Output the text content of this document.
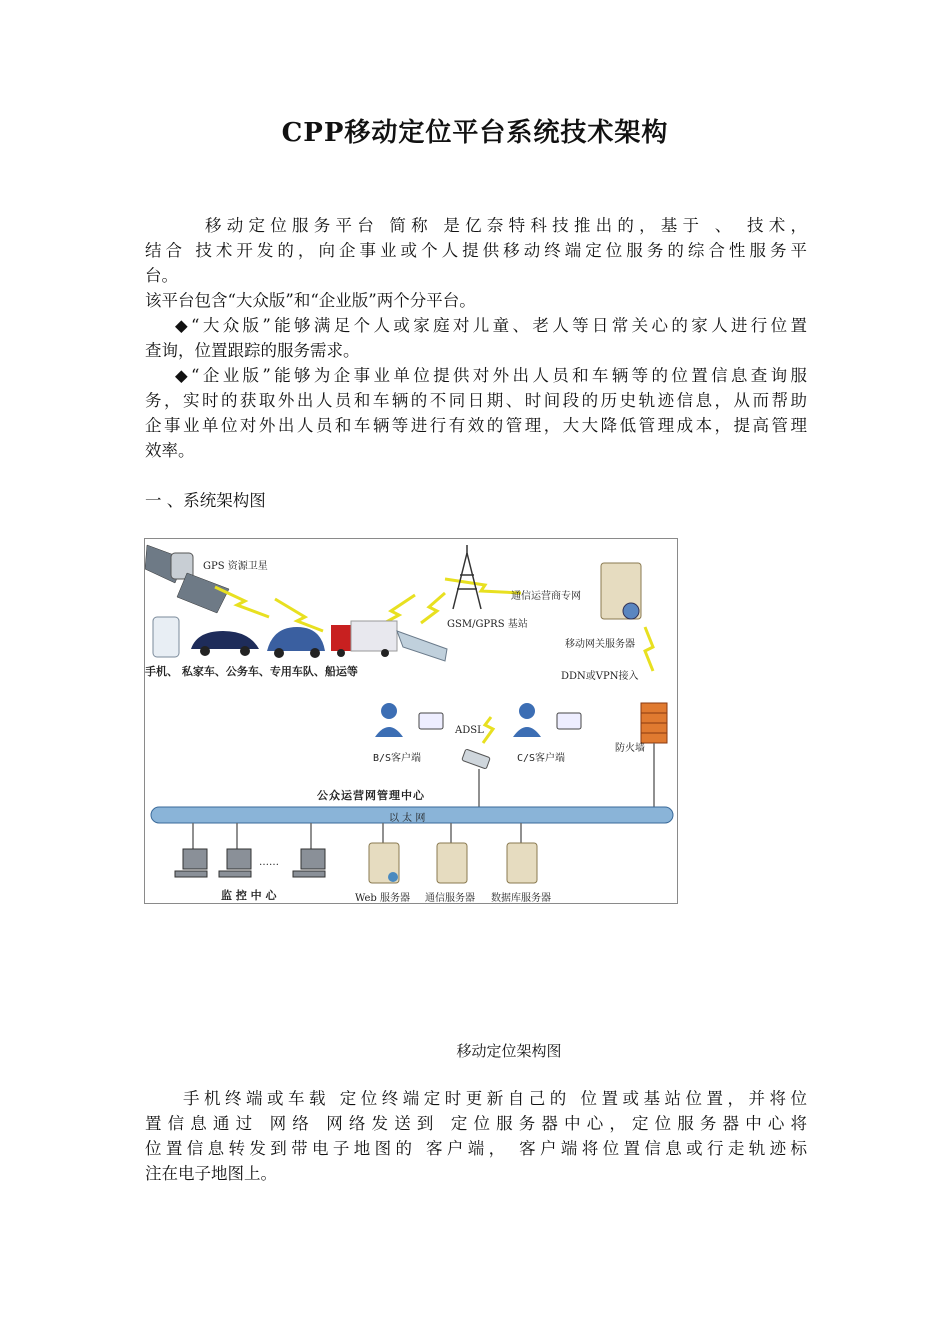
CPP移动定位平台系统技术架构
移动定位服务平台 简称 是亿奈特科技推出的，基于 、 技术，
结合 技术开发的，向企事业或个人提供移动终端定位服务的综合性服务平
台。
该平台包含“大众版”和“企业版”两个分平台。
◆“大众版”能够满足个人或家庭对儿童、老人等日常关心的家人进行位置
查询，位置跟踪的服务需求。
◆“企业版”能够为企事业单位提供对外出人员和车辆等的位置信息查询服
务，实时的获取外出人员和车辆的不同日期、时间段的历史轨迹信息，从而帮助
企事业单位对外出人员和车辆等进行有效的管理，大大降低管理成本，提高管理
效率。
一 、系统架构图
GPS 资源卫星
GSM/GPRS 基站
通信运营商专网
移动网关服务器
手机、 私家车、公务车、专用车队、船运等	DDN或VPN接入
ADSL
B/S客户端	C/S客户端
防火墙
公众运营网管理中心
以 太 网
……
监 控 中 心	Web 服务器 通信服务器 数据库服务器
移动定位架构图
手机终端或车载 定位终端定时更新自己的 位置或基站位置，并将位
置信息通过 网络 网络发送到 定位服务器中心，定位服务器中心将
位置信息转发到带电子地图的 客户端， 客户端将位置信息或行走轨迹标
注在电子地图上。
